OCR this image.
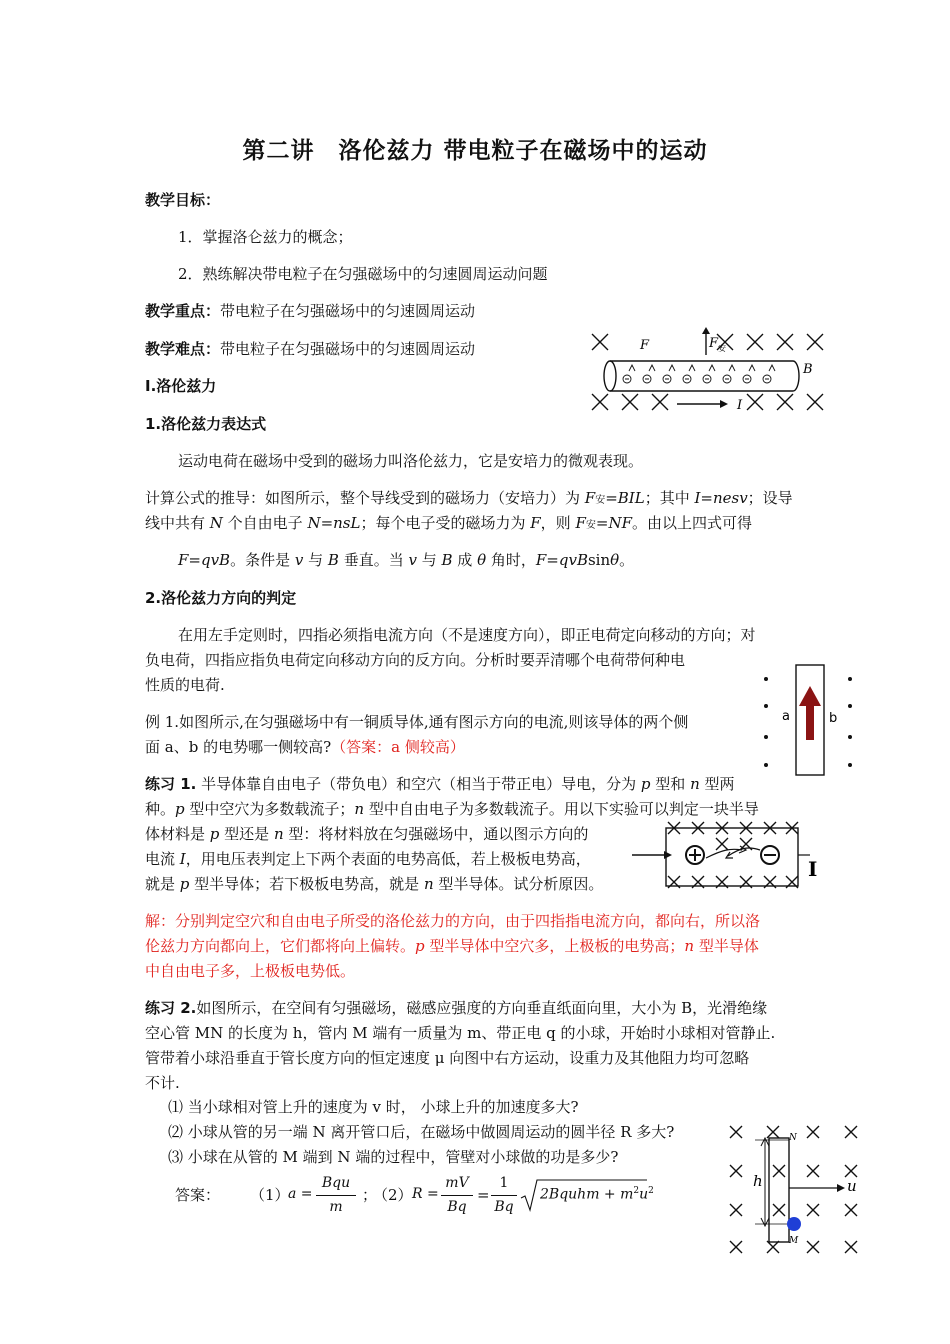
第二讲　洛伦兹力 带电粒子在磁场中的运动
教学目标：
1．掌握洛仑兹力的概念；
2．熟练解决带电粒子在匀强磁场中的匀速圆周运动问题
教学重点：带电粒子在匀强磁场中的匀速圆周运动
教学难点：带电粒子在匀强磁场中的匀速圆周运动
I.洛伦兹力
1.洛伦兹力表达式
运动电荷在磁场中受到的磁场力叫洛伦兹力，它是安培力的微观表现。
计算公式的推导：如图所示，整个导线受到的磁场力（安培力）为 F安=BIL；其中 I=nesv；设导
线中共有 N 个自由电子 N=nsL；每个电子受的磁场力为 F，则 F安=NF。由以上四式可得
F=qvB。条件是 v 与 B 垂直。当 v 与 B 成 θ 角时，F=qvBsinθ。
2.洛伦兹力方向的判定
在用左手定则时，四指必须指电流方向（不是速度方向），即正电荷定向移动的方向；对
负电荷，四指应指负电荷定向移动方向的反方向。分析时要弄清哪个电荷带何种电
性质的电荷.
例 1.如图所示,在匀强磁场中有一铜质导体,通有图示方向的电流,则该导体的两个侧
面 a、b 的电势哪一侧较高?（答案：a 侧较高）
练习 1. 半导体靠自由电子（带负电）和空穴（相当于带正电）导电，分为 p 型和 n 型两
种。p 型中空穴为多数载流子；n 型中自由电子为多数载流子。用以下实验可以判定一块半导
体材料是 p 型还是 n 型：将材料放在匀强磁场中，通以图示方向的
电流 I，用电压表判定上下两个表面的电势高低，若上极板电势高，
就是 p 型半导体；若下极板电势高，就是 n 型半导体。试分析原因。
解：分别判定空穴和自由电子所受的洛伦兹力的方向，由于四指指电流方向，都向右，所以洛
伦兹力方向都向上，它们都将向上偏转。p 型半导体中空穴多，上极板的电势高；n 型半导体
中自由电子多，上极板电势低。
练习 2.如图所示，在空间有匀强磁场，磁感应强度的方向垂直纸面向里，大小为 B，光滑绝缘
空心管 MN 的长度为 h，管内 M 端有一质量为 m、带正电 q 的小球，开始时小球相对管静止.
管带着小球沿垂直于管长度方向的恒定速度 μ 向图中右方运动，设重力及其他阻力均可忽略
不计.
⑴ 当小球相对管上升的速度为 v 时， 小球上升的加速度多大?
⑵ 小球从管的另一端 N 离开管口后，在磁场中做圆周运动的圆半径 R 多大?
⑶ 小球在从管的 M 端到 N 端的过程中，管壁对小球做的功是多少?
答案： （1）
a =
Bqu
m
；
（2） R =
mV
Bq
=
1
Bq
2Bquhm + $m^2u^2$
F	F 安
B
I
a	b
I
h
N
M
u
